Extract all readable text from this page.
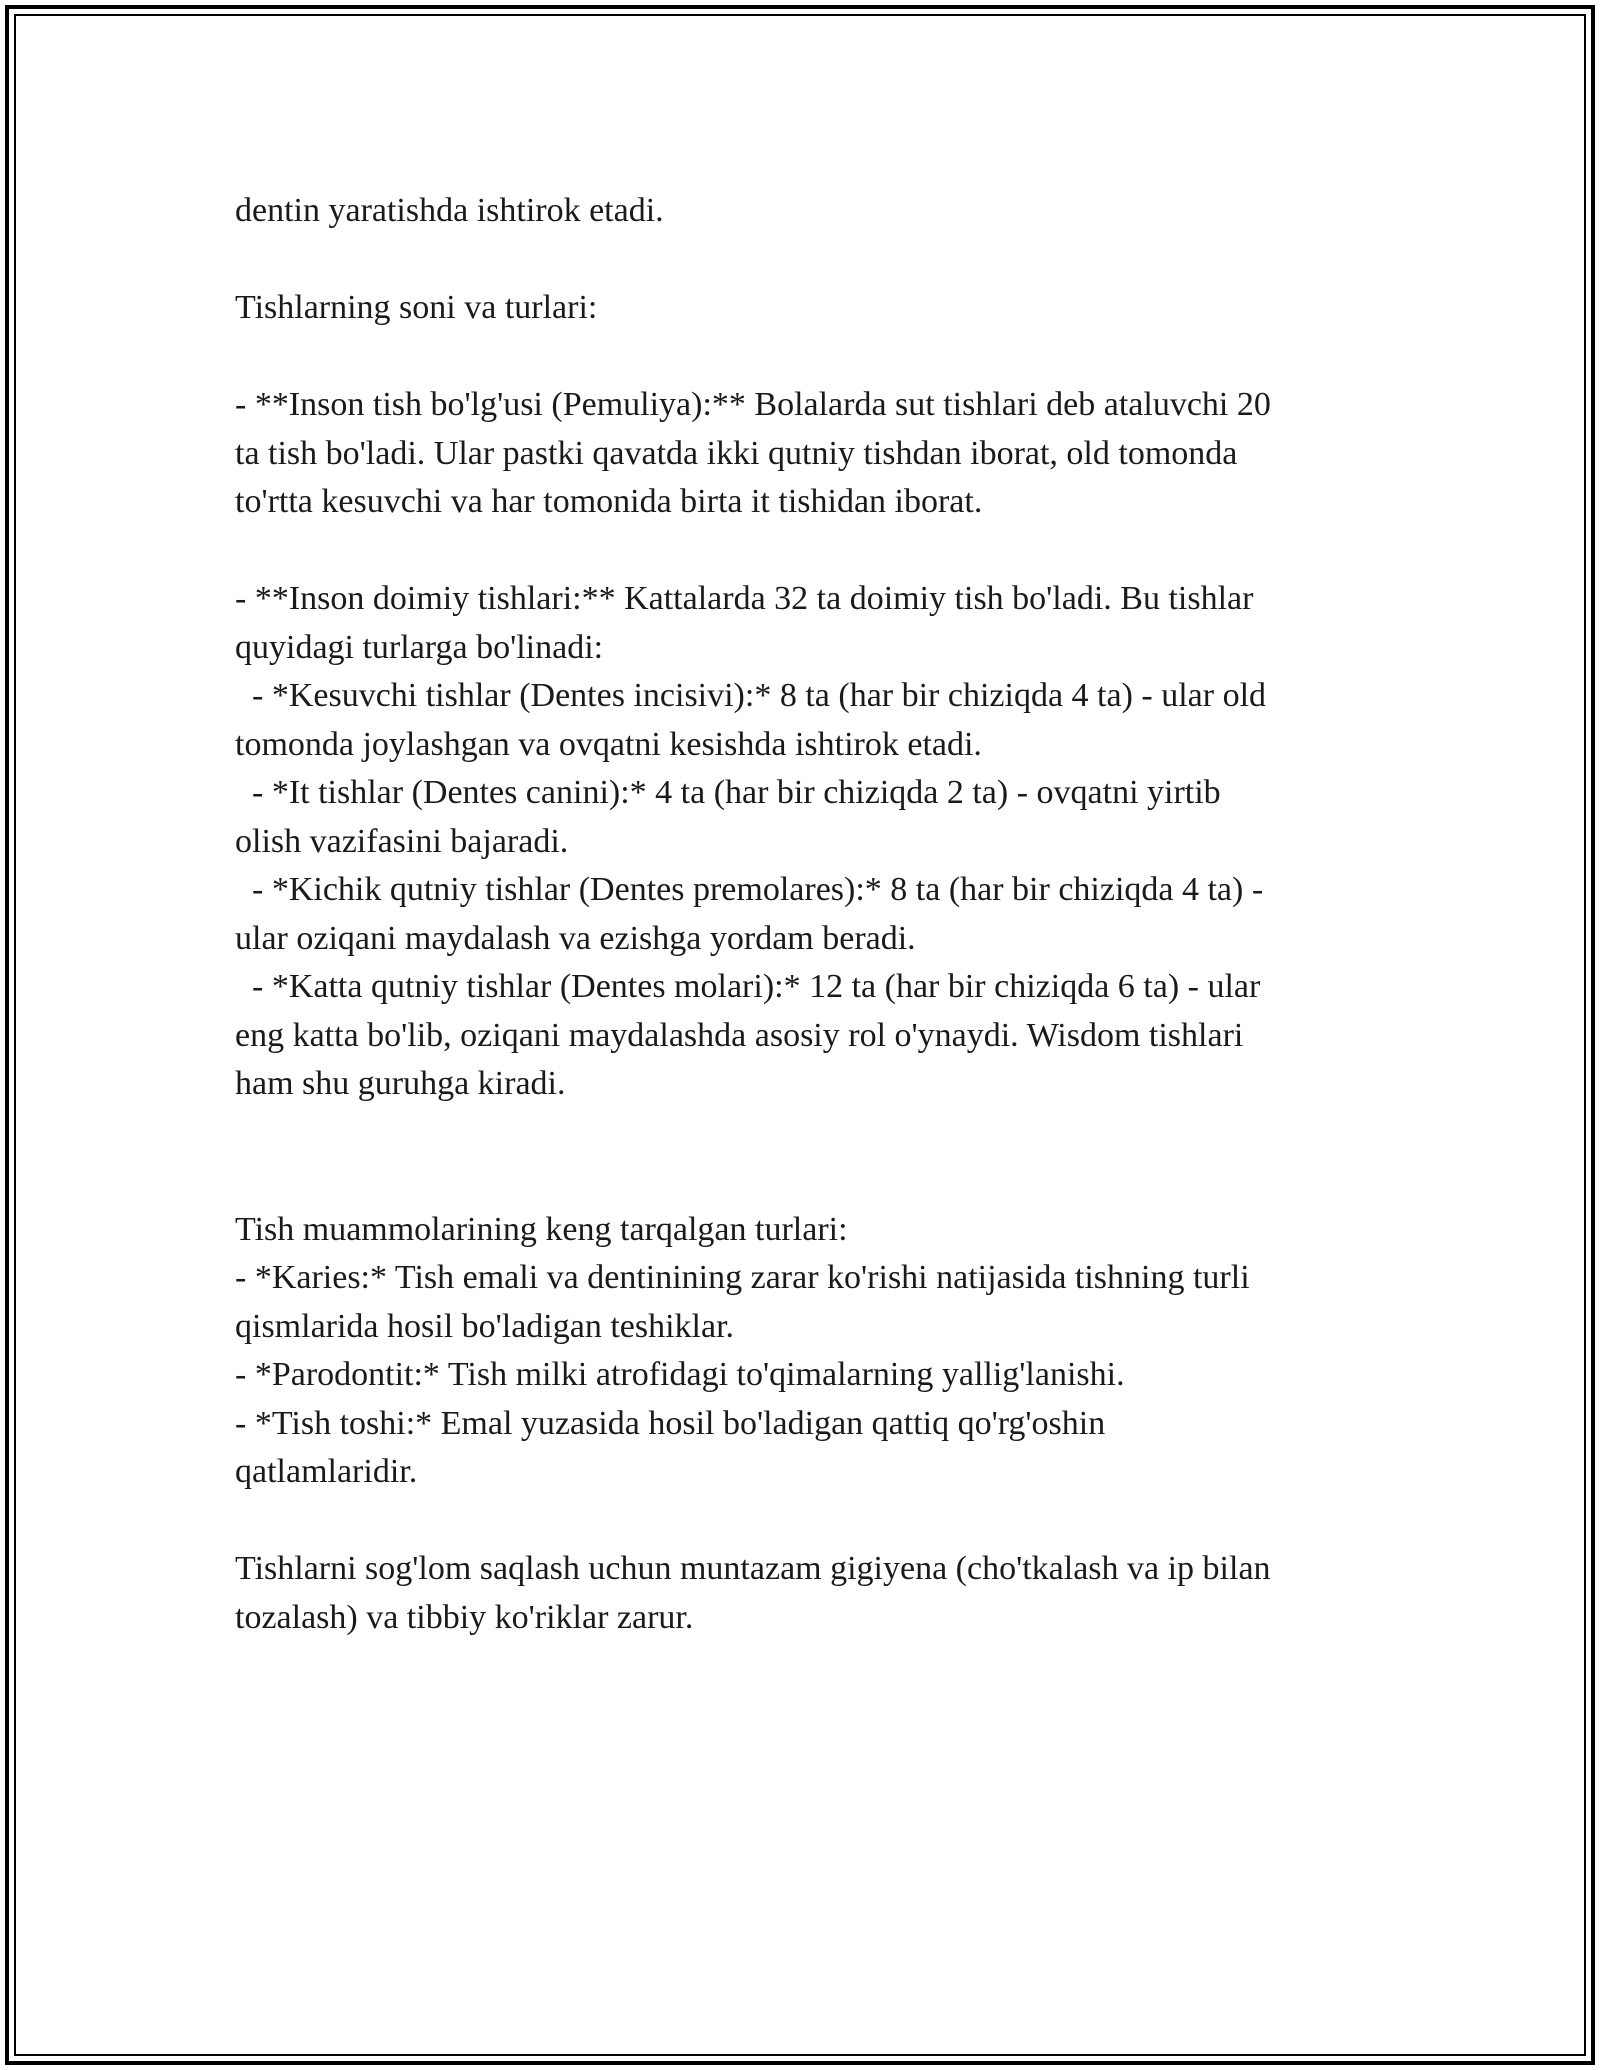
dentin yaratishda ishtirok etadi.
Tishlarning soni va turlari:
- **Inson tish bo'lg'usi (Pemuliya):** Bolalarda sut tishlari deb ataluvchi 20
ta tish bo'ladi. Ular pastki qavatda ikki qutniy tishdan iborat, old tomonda
to'rtta kesuvchi va har tomonida birta it tishidan iborat.
- **Inson doimiy tishlari:** Kattalarda 32 ta doimiy tish bo'ladi. Bu tishlar
quyidagi turlarga bo'linadi:
- *Kesuvchi tishlar (Dentes incisivi):* 8 ta (har bir chiziqda 4 ta) - ular old
tomonda joylashgan va ovqatni kesishda ishtirok etadi.
- *It tishlar (Dentes canini):* 4 ta (har bir chiziqda 2 ta) - ovqatni yirtib
olish vazifasini bajaradi.
- *Kichik qutniy tishlar (Dentes premolares):* 8 ta (har bir chiziqda 4 ta) -
ular oziqani maydalash va ezishga yordam beradi.
- *Katta qutniy tishlar (Dentes molari):* 12 ta (har bir chiziqda 6 ta) - ular
eng katta bo'lib, oziqani maydalashda asosiy rol o'ynaydi. Wisdom tishlari
ham shu guruhga kiradi.
Tish muammolarining keng tarqalgan turlari:
- *Karies:* Tish emali va dentinining zarar ko'rishi natijasida tishning turli
qismlarida hosil bo'ladigan teshiklar.
- *Parodontit:* Tish milki atrofidagi to'qimalarning yallig'lanishi.
- *Tish toshi:* Emal yuzasida hosil bo'ladigan qattiq qo'rg'oshin
qatlamlaridir.
Tishlarni sog'lom saqlash uchun muntazam gigiyena (cho'tkalash va ip bilan
tozalash) va tibbiy ko'riklar zarur.
